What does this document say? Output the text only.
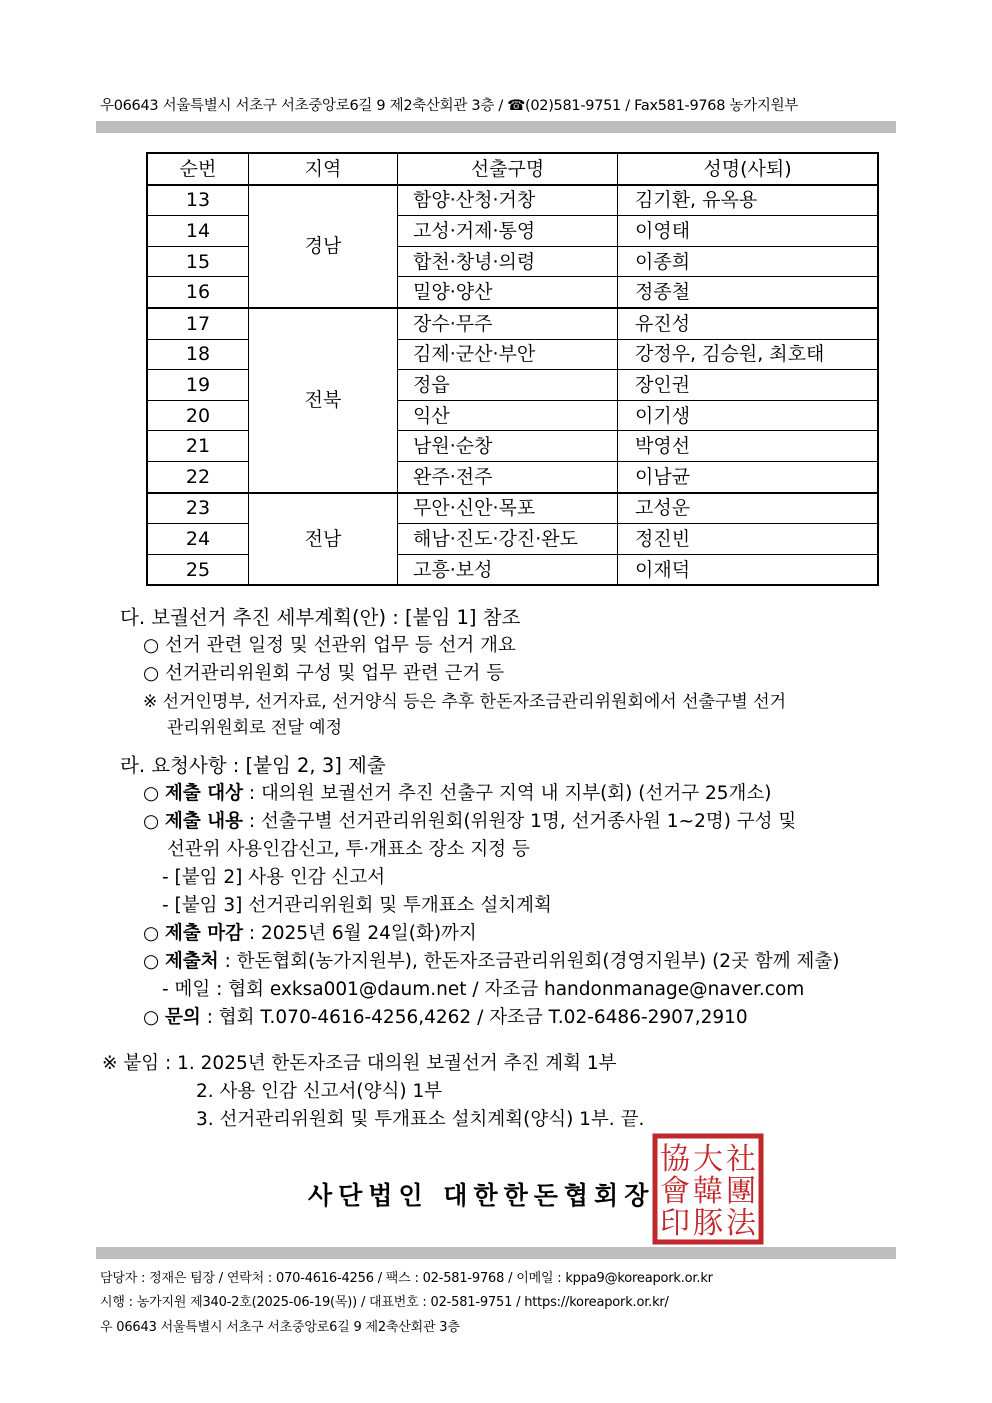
우06643 서울특별시 서초구 서초중앙로6길 9 제2축산회관 3층 / ☎(02)581-9751 / Fax581-9768 농가지원부
순번	지역	선출구명	성명(사퇴)
13	경남	함양·산청·거창	김기환, 유옥용
14		고성·거제·통영	이영태
15		합천·창녕·의령	이종희
16		밀양·양산	정종철
17	전북	장수·무주	유진성
18		김제·군산·부안	강정우, 김승원, 최호태
19		정읍	장인권
20		익산	이기생
21		남원·순창	박영선
22		완주·전주	이남균
23	전남	무안·신안·목포	고성운
24		해남·진도·강진·완도	정진빈
25		고흥·보성	이재덕
다. 보궐선거 추진 세부계획(안) : [붙임 1] 참조
○ 선거 관련 일정 및 선관위 업무 등 선거 개요
○ 선거관리위원회 구성 및 업무 관련 근거 등
※ 선거인명부, 선거자료, 선거양식 등은 추후 한돈자조금관리위원회에서 선출구별 선거
관리위원회로 전달 예정
라. 요청사항 : [붙임 2, 3] 제출
○ 제출 대상 : 대의원 보궐선거 추진 선출구 지역 내 지부(회) (선거구 25개소)
○ 제출 내용 : 선출구별 선거관리위원회(위원장 1명, 선거종사원 1~2명) 구성 및
선관위 사용인감신고, 투·개표소 장소 지정 등
- [붙임 2] 사용 인감 신고서
- [붙임 3] 선거관리위원회 및 투개표소 설치계획
○ 제출 마감 : 2025년 6월 24일(화)까지
○ 제출처 : 한돈협회(농가지원부), 한돈자조금관리위원회(경영지원부) (2곳 함께 제출)
- 메일 : 협회 exksa001@daum.net / 자조금 handonmanage@naver.com
○ 문의 : 협회 T.070-4616-4256,4262 / 자조금 T.02-6486-2907,2910
※ 붙임 : 1. 2025년 한돈자조금 대의원 보궐선거 추진 계획 1부
2. 사용 인감 신고서(양식) 1부
3. 선거관리위원회 및 투개표소 설치계획(양식) 1부. 끝.
社
團
法
大
韓
豚
協
會
印
사단법인 대한한돈협회장
담당자 : 정재은 팀장 / 연락처 : 070-4616-4256 / 팩스 : 02-581-9768 / 이메일 : kppa9@koreapork.or.kr
시행 : 농가지원 제340-2호(2025-06-19(목)) / 대표번호 : 02-581-9751 / https://koreapork.or.kr/
우 06643 서울특별시 서초구 서초중앙로6길 9 제2축산회관 3층
